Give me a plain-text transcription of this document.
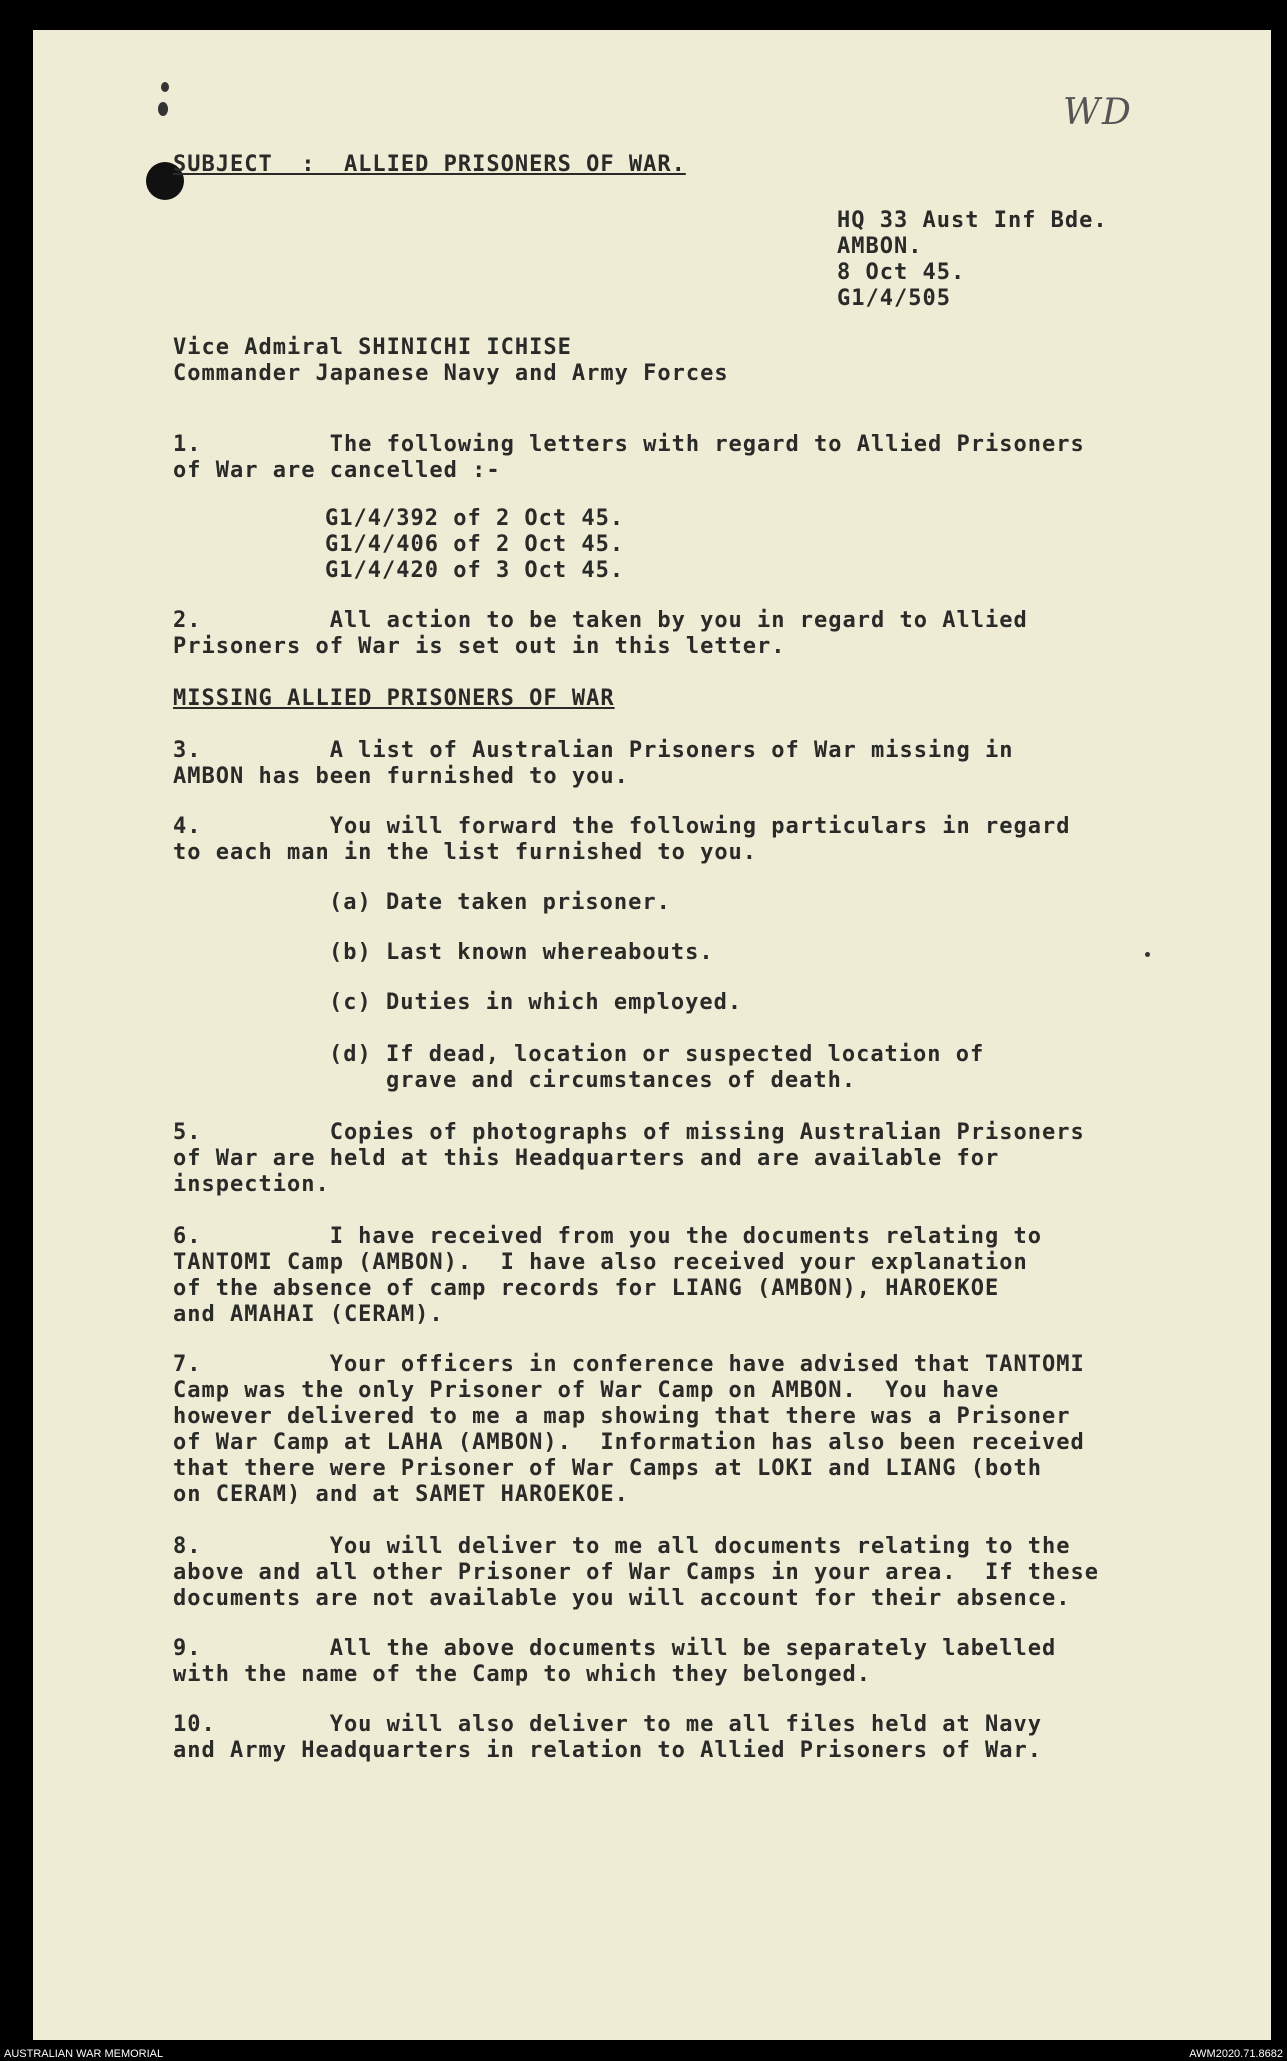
WD
SUBJECT  :  ALLIED PRISONERS OF WAR.
HQ 33 Aust Inf Bde.
AMBON.
8 Oct 45.
G1/4/505
Vice Admiral SHINICHI ICHISE
Commander Japanese Navy and Army Forces
1.         The following letters with regard to Allied Prisoners
of War are cancelled :-
G1/4/392 of 2 Oct 45.
G1/4/406 of 2 Oct 45.
G1/4/420 of 3 Oct 45.
2.         All action to be taken by you in regard to Allied
Prisoners of War is set out in this letter.
MISSING ALLIED PRISONERS OF WAR
3.         A list of Australian Prisoners of War missing in
AMBON has been furnished to you.
4.         You will forward the following particulars in regard
to each man in the list furnished to you.
(a) Date taken prisoner.
(b) Last known whereabouts.
(c) Duties in which employed.
(d) If dead, location or suspected location of
grave and circumstances of death.
5.         Copies of photographs of missing Australian Prisoners
of War are held at this Headquarters and are available for
inspection.
6.         I have received from you the documents relating to
TANTOMI Camp (AMBON).  I have also received your explanation
of the absence of camp records for LIANG (AMBON), HAROEKOE
and AMAHAI (CERAM).
7.         Your officers in conference have advised that TANTOMI
Camp was the only Prisoner of War Camp on AMBON.  You have
however delivered to me a map showing that there was a Prisoner
of War Camp at LAHA (AMBON).  Information has also been received
that there were Prisoner of War Camps at LOKI and LIANG (both
on CERAM) and at SAMET HAROEKOE.
8.         You will deliver to me all documents relating to the
above and all other Prisoner of War Camps in your area.  If these
documents are not available you will account for their absence.
9.         All the above documents will be separately labelled
with the name of the Camp to which they belonged.
10.        You will also deliver to me all files held at Navy
and Army Headquarters in relation to Allied Prisoners of War.
AUSTRALIAN WAR MEMORIAL	AWM2020.71.8682
